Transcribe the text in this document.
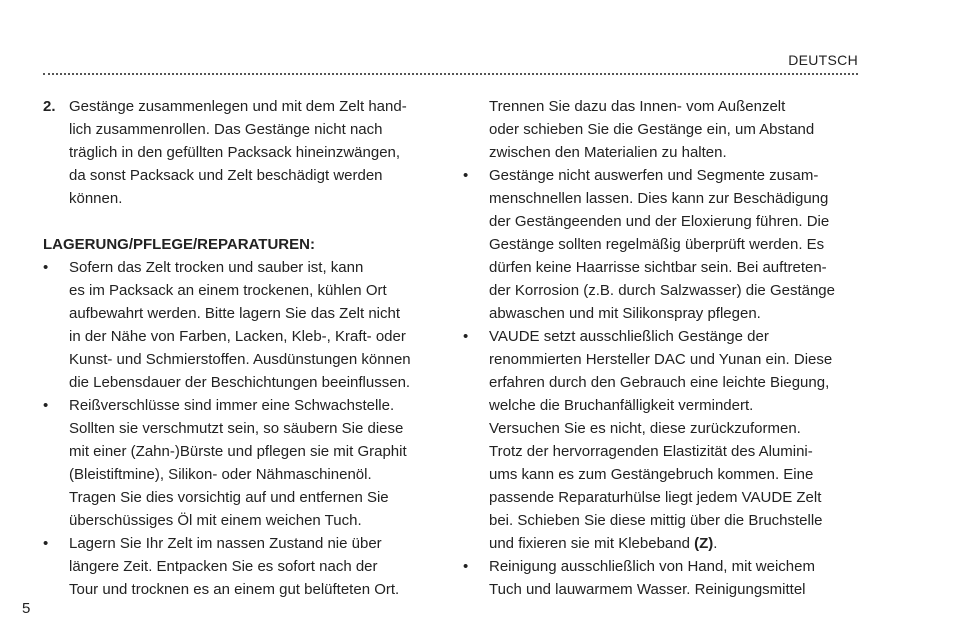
DEUTSCH
2. Gestänge zusammenlegen und mit dem Zelt hand-
lich zusammenrollen. Das Gestänge nicht nach
träglich in den gefüllten Packsack hineinzwängen,
da sonst Packsack und Zelt beschädigt werden
können.
LAGERUNG/PFLEGE/REPARATUREN:
• Sofern das Zelt trocken und sauber ist, kann
es im Packsack an einem trockenen, kühlen Ort
aufbewahrt werden. Bitte lagern Sie das Zelt nicht
in der Nähe von Farben, Lacken, Kleb-, Kraft- oder
Kunst- und Schmierstoffen. Ausdünstungen können
die Lebensdauer der Beschichtungen beeinflussen.
• Reißverschlüsse sind immer eine Schwachstelle.
Sollten sie verschmutzt sein, so säubern Sie diese
mit einer (Zahn-)Bürste und pflegen sie mit Graphit
(Bleistiftmine), Silikon- oder Nähmaschinenöl.
Tragen Sie dies vorsichtig auf und entfernen Sie
überschüssiges Öl mit einem weichen Tuch.
• Lagern Sie Ihr Zelt im nassen Zustand nie über
längere Zeit. Entpacken Sie es sofort nach der
Tour und trocknen es an einem gut belüfteten Ort.
Trennen Sie dazu das Innen- vom Außenzelt
oder schieben Sie die Gestänge ein, um Abstand
zwischen den Materialien zu halten.
• Gestänge nicht auswerfen und Segmente zusam-
menschnellen lassen. Dies kann zur Beschädigung
der Gestängeenden und der Eloxierung führen. Die
Gestänge sollten regelmäßig überprüft werden. Es
dürfen keine Haarrisse sichtbar sein. Bei auftreten-
der Korrosion (z.B. durch Salzwasser) die Gestänge
abwaschen und mit Silikonspray pflegen.
• VAUDE setzt ausschließlich Gestänge der
renommierten Hersteller DAC und Yunan ein. Diese
erfahren durch den Gebrauch eine leichte Biegung,
welche die Bruchanfälligkeit vermindert.
Versuchen Sie es nicht, diese zurückzuformen.
Trotz der hervorragenden Elastizität des Alumini-
ums kann es zum Gestängebruch kommen. Eine
passende Reparaturhülse liegt jedem VAUDE Zelt
bei. Schieben Sie diese mittig über die Bruchstelle
und fixieren sie mit Klebeband (Z).
• Reinigung ausschließlich von Hand, mit weichem
Tuch und lauwarmem Wasser. Reinigungsmittel
5
